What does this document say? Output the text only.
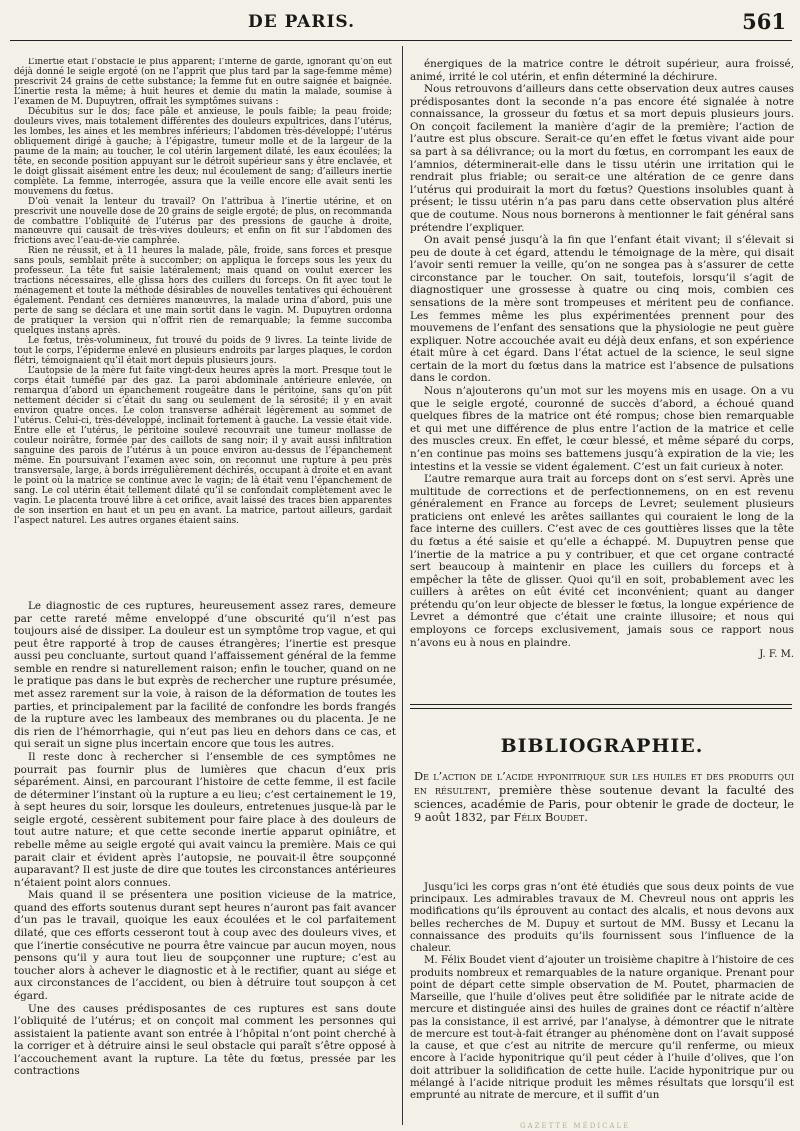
DE PARIS.	561

L’inertie était l’obstacle le plus apparent; l’interne de garde, ignorant qu’on eût déjà donné le seigle ergoté (on ne l’apprit que plus tard par la sage-femme même) prescrivit 24 grains de cette substance; la femme fut en outre saignée et baignée. L’inertie resta la même; à huit heures et demie du matin la malade, soumise à l’examen de M. Dupuytren, offrait les symptômes suivans :

Décubitus sur le dos; face pâle et anxieuse, le pouls faible; la peau froide; douleurs vives, mais totalement différentes des douleurs expultrices, dans l’utérus, les lombes, les aines et les membres inférieurs; l’abdomen très-développé; l’utérus obliquement dirigé à gauche; à l’épigastre, tumeur molle et de la largeur de la paume de la main; au toucher, le col utérin largement dilaté, les eaux écoulées; la tête, en seconde position appuyant sur le détroit supérieur sans y être enclavée, et le doigt glissait aisément entre les deux; nul écoulement de sang; d’ailleurs inertie complète. La femme, interrogée, assura que la veille encore elle avait senti les mouvemens du fœtus.

D’où venait la lenteur du travail? On l’attribua à l’inertie utérine, et on prescrivit une nouvelle dose de 20 grains de seigle ergoté; de plus, on recommanda de combattre l’obliquité de l’utérus par des pressions de gauche à droite, manœuvre qui causait de très-vives douleurs; et enfin on fit sur l’abdomen des frictions avec l’eau-de-vie camphrée.

Rien ne réussit, et à 11 heures la malade, pâle, froide, sans forces et presque sans pouls, semblait prête à succomber; on appliqua le forceps sous les yeux du professeur. La tête fut saisie latéralement; mais quand on voulut exercer les tractions nécessaires, elle glissa hors des cuillers du forceps. On fit avec tout le ménagement et toute la méthode désirables de nouvelles tentatives qui échouèrent également. Pendant ces dernières manœuvres, la malade urina d’abord, puis une perte de sang se déclara et une main sortit dans le vagin. M. Dupuytren ordonna de pratiquer la version qui n’offrit rien de remarquable; la femme succomba quelques instans après.

Le fœtus, très-volumineux, fut trouvé du poids de 9 livres. La teinte livide de tout le corps, l’épiderme enlevé en plusieurs endroits par larges plaques, le cordon flétri, témoignaient qu’il était mort depuis plusieurs jours.

L’autopsie de la mère fut faite vingt-deux heures après la mort. Presque tout le corps était tuméfié par des gaz. La paroi abdominale antérieure enlevée, on remarqua d’abord un épanchement rougeâtre dans le péritoine, sans qu’on pût nettement décider si c’était du sang ou seulement de la sérosité; il y en avait environ quatre onces. Le colon transverse adhérait légèrement au sommet de l’utérus. Celui-ci, très-développé, inclinait fortement à gauche. La vessie était vide. Entre elle et l’utérus, le péritoine soulevé recouvrait une tumeur mollasse de couleur noirâtre, formée par des caillots de sang noir; il y avait aussi infiltration sanguine des parois de l’utérus à un pouce environ au-dessus de l’épanchement même. En poursuivant l’examen avec soin, on reconnut une rupture à peu près transversale, large, à bords irrégulièrement déchirés, occupant à droite et en avant le point où la matrice se continue avec le vagin; de là était venu l’épanchement de sang. Le col utérin était tellement dilaté qu’il se confondait complètement avec le vagin. Le placenta trouvé libre à cet orifice, avait laissé des traces bien apparentes de son insertion en haut et un peu en avant. La matrice, partout ailleurs, gardait l’aspect naturel. Les autres organes étaient sains.

Le diagnostic de ces ruptures, heureusement assez rares, demeure par cette rareté même enveloppé d’une obscurité qu’il n’est pas toujours aisé de dissiper. La douleur est un symptôme trop vague, et qui peut être rapporté à trop de causes étrangères; l’inertie est presque aussi peu concluante, surtout quand l’affaissement général de la femme semble en rendre si naturellement raison; enfin le toucher, quand on ne le pratique pas dans le but exprès de rechercher une rupture présumée, met assez rarement sur la voie, à raison de la déformation de toutes les parties, et principalement par la facilité de confondre les bords frangés de la rupture avec les lambeaux des membranes ou du placenta. Je ne dis rien de l’hémorrhagie, qui n’eut pas lieu en dehors dans ce cas, et qui serait un signe plus incertain encore que tous les autres.

Il reste donc à rechercher si l’ensemble de ces symptômes ne pourrait pas fournir plus de lumières que chacun d’eux pris séparément. Ainsi, en parcourant l’histoire de cette femme, il est facile de déterminer l’instant où la rupture a eu lieu; c’est certainement le 19, à sept heures du soir, lorsque les douleurs, entretenues jusque-là par le seigle ergoté, cessèrent subitement pour faire place à des douleurs de tout autre nature; et que cette seconde inertie apparut opiniâtre, et rebelle même au seigle ergoté qui avait vaincu la première. Mais ce qui parait clair et évident après l’autopsie, ne pouvait-il être soupçonné auparavant? Il est juste de dire que toutes les circonstances antérieures n’étaient point alors connues.

Mais quand il se présentera une position vicieuse de la matrice, quand des efforts soutenus durant sept heures n’auront pas fait avancer d’un pas le travail, quoique les eaux écoulées et le col parfaitement dilaté, que ces efforts cesseront tout à coup avec des douleurs vives, et que l’inertie consécutive ne pourra être vaincue par aucun moyen, nous pensons qu’il y aura tout lieu de soupçonner une rupture; c’est au toucher alors à achever le diagnostic et à le rectifier, quant au siége et aux circonstances de l’accident, ou bien à détruire tout soupçon à cet égard.

Une des causes prédisposantes de ces ruptures est sans doute l’obliquité de l’utérus; et on conçoit mal comment les personnes qui assistaient la patiente avant son entrée à l’hôpital n’ont point cherché à la corriger et à détruire ainsi le seul obstacle qui paraît s’être opposé à l’accouchement avant la rupture. La tête du fœtus, pressée par les contractions

énergiques de la matrice contre le détroit supérieur, aura froissé, animé, irrité le col utérin, et enfin déterminé la déchirure.

Nous retrouvons d’ailleurs dans cette observation deux autres causes prédisposantes dont la seconde n’a pas encore été signalée à notre connaissance, la grosseur du fœtus et sa mort depuis plusieurs jours. On conçoit facilement la manière d’agir de la première; l’action de l’autre est plus obscure. Serait-ce qu’en effet le fœtus vivant aide pour sa part à sa délivrance; ou la mort du fœtus, en corrompant les eaux de l’amnios, déterminerait-elle dans le tissu utérin une irritation qui le rendrait plus friable; ou serait-ce une altération de ce genre dans l’utérus qui produirait la mort du fœtus? Questions insolubles quant à présent; le tissu utérin n’a pas paru dans cette observation plus altéré que de coutume. Nous nous bornerons à mentionner le fait général sans prétendre l’expliquer.

On avait pensé jusqu’à la fin que l’enfant était vivant; il s’élevait si peu de doute à cet égard, attendu le témoignage de la mère, qui disait l’avoir senti remuer la veille, qu’on ne songea pas à s’assurer de cette circonstance par le toucher. On sait, toutefois, lorsqu’il s’agit de diagnostiquer une grossesse à quatre ou cinq mois, combien ces sensations de la mère sont trompeuses et méritent peu de confiance. Les femmes même les plus expérimentées prennent pour des mouvemens de l’enfant des sensations que la physiologie ne peut guère expliquer. Notre accouchée avait eu déjà deux enfans, et son expérience était mûre à cet égard. Dans l’état actuel de la science, le seul signe certain de la mort du fœtus dans la matrice est l’absence de pulsations dans le cordon.

Nous n’ajouterons qu’un mot sur les moyens mis en usage. On a vu que le seigle ergoté, couronné de succès d’abord, a échoué quand quelques fibres de la matrice ont été rompus; chose bien remarquable et qui met une différence de plus entre l’action de la matrice et celle des muscles creux. En effet, le cœur blessé, et même séparé du corps, n’en continue pas moins ses battemens jusqu’à expiration de la vie; les intestins et la vessie se vident également. C’est un fait curieux à noter.

L’autre remarque aura trait au forceps dont on s’est servi. Après une multitude de corrections et de perfectionnemens, on en est revenu généralement en France au forceps de Levret; seulement plusieurs praticiens ont enlevé les arêtes saillantes qui couraient le long de la face interne des cuillers. C’est avec de ces gouttières lisses que la tête du fœtus a été saisie et qu’elle a échappé. M. Dupuytren pense que l’inertie de la matrice a pu y contribuer, et que cet organe contracté sert beaucoup à maintenir en place les cuillers du forceps et à empêcher la tête de glisser. Quoi qu’il en soit, probablement avec les cuillers à arêtes on eût évité cet inconvénient; quant au danger prétendu qu’on leur objecte de blesser le fœtus, la longue expérience de Levret a démontré que c’était une crainte illusoire; et nous qui employons ce forceps exclusivement, jamais sous ce rapport nous n’avons eu à nous en plaindre.

J. F. M.

BIBLIOGRAPHIE.
De l’action de l’acide hyponitrique sur les huiles et des produits qui en résultent, première thèse soutenue devant la faculté des sciences, académie de Paris, pour obtenir le grade de docteur, le 9 août 1832, par Félix Boudet.

Jusqu’ici les corps gras n’ont été étudiés que sous deux points de vue principaux. Les admirables travaux de M. Chevreul nous ont appris les modifications qu’ils éprouvent au contact des alcalis, et nous devons aux belles recherches de M. Dupuy et surtout de MM. Bussy et Lecanu la connaissance des produits qu’ils fournissent sous l’influence de la chaleur.

M. Félix Boudet vient d’ajouter un troisième chapitre à l’histoire de ces produits nombreux et remarquables de la nature organique. Prenant pour point de départ cette simple observation de M. Poutet, pharmacien de Marseille, que l’huile d’olives peut être solidifiée par le nitrate acide de mercure et distinguée ainsi des huiles de graines dont ce réactif n’altère pas la consistance, il est arrivé, par l’analyse, à démontrer que le nitrate de mercure est tout-à-fait étranger au phénomène dont on l’avait supposé la cause, et que c’est au nitrite de mercure qu’il renferme, ou mieux encore à l’acide hyponitrique qu’il peut céder à l’huile d’olives, que l’on doit attribuer la solidification de cette huile. L’acide hyponitrique pur ou mélangé à l’acide nitrique produit les mêmes résultats que lorsqu’il est emprunté au nitrate de mercure, et il suffit d’un

GAZETTE MÉDICALE
